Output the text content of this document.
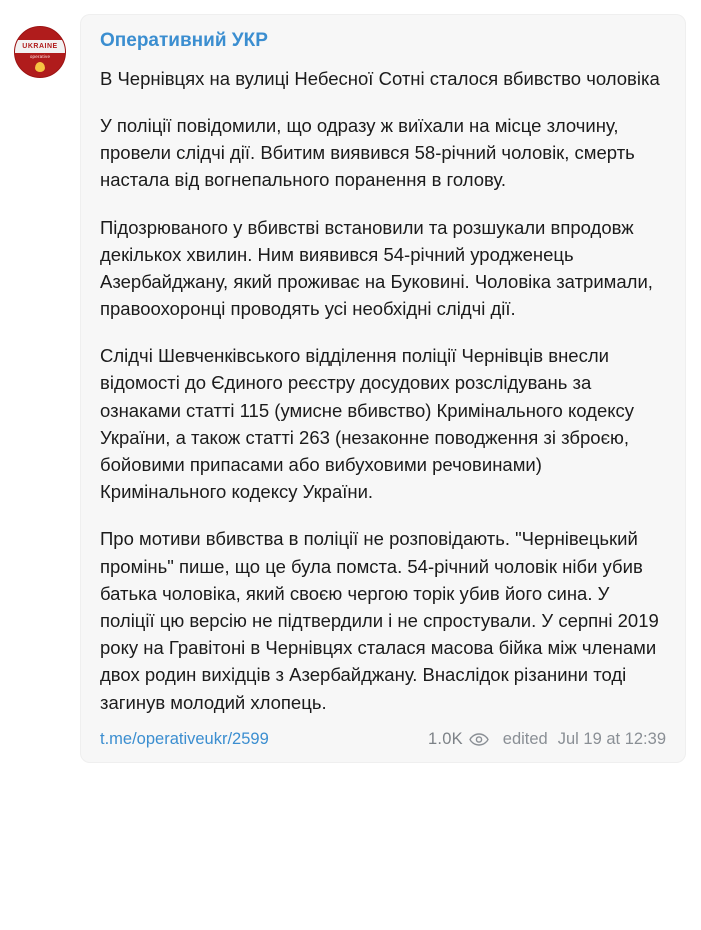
UKRAINE
operative
Оперативний УКР

В Чернівцях на вулиці Небесної Сотні сталося вбивство чоловіка

У поліції повідомили, що одразу ж виїхали на місце злочину, провели слідчі дії. Вбитим виявився 58-річний чоловік, смерть настала від вогнепального поранення в голову.

Підозрюваного у вбивстві встановили та розшукали впродовж декількох хвилин. Ним виявився 54-річний уродженець Азербайджану, який проживає на Буковині. Чоловіка затримали, правоохоронці проводять усі необхідні слідчі дії.

Слідчі Шевченківського відділення поліції Чернівців внесли відомості до Єдиного реєстру досудових розслідувань за ознаками статті 115 (умисне вбивство) Кримінального кодексу України, а також статті 263 (незаконне поводження зі зброєю, бойовими припасами або вибуховими речовинами) Кримінального кодексу України.

Про мотиви вбивства в поліції не розповідають. "Чернівецький промінь" пише, що це була помста. 54-річний чоловік ніби убив батька чоловіка, який своєю чергою торік убив його сина. У поліції цю версію не підтвердили і не спростували. У серпні 2019 року на Гравітоні в Чернівцях сталася масова бійка між членами двох родин вихідців з Азербайджану. Внаслідок різанини тоді загинув молодий хлопець.

t.me/operativeukr/2599	1.0K edited Jul 19 at 12:39
